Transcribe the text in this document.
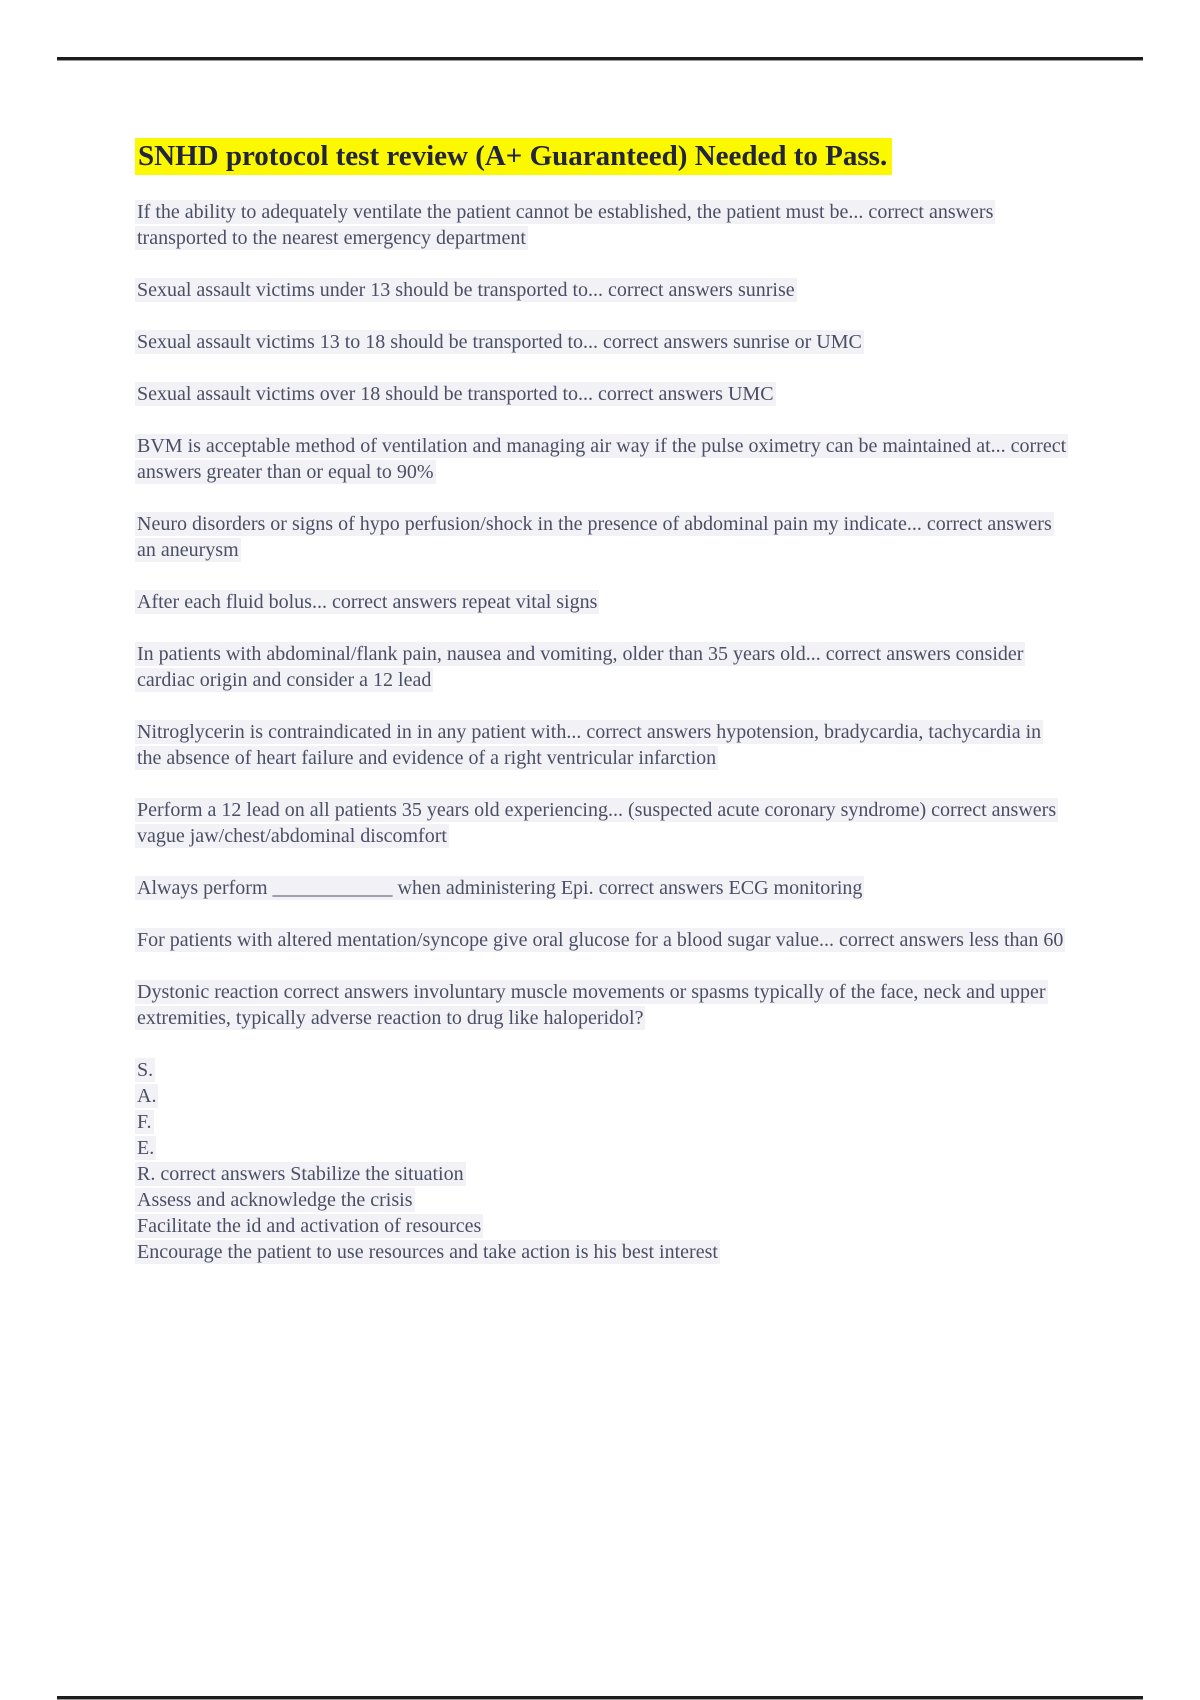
SNHD protocol test review (A+ Guaranteed) Needed to Pass.

If the ability to adequately ventilate the patient cannot be established, the patient must be... correct answers transported to the nearest emergency department

Sexual assault victims under 13 should be transported to... correct answers sunrise

Sexual assault victims 13 to 18 should be transported to... correct answers sunrise or UMC

Sexual assault victims over 18 should be transported to... correct answers UMC

BVM is acceptable method of ventilation and managing air way if the pulse oximetry can be maintained at... correct answers greater than or equal to 90%

Neuro disorders or signs of hypo perfusion/shock in the presence of abdominal pain my indicate... correct answers an aneurysm

After each fluid bolus... correct answers repeat vital signs

In patients with abdominal/flank pain, nausea and vomiting, older than 35 years old... correct answers consider cardiac origin and consider a 12 lead

Nitroglycerin is contraindicated in in any patient with... correct answers hypotension, bradycardia, tachycardia in the absence of heart failure and evidence of a right ventricular infarction

Perform a 12 lead on all patients 35 years old experiencing... (suspected acute coronary syndrome) correct answers vague jaw/chest/abdominal discomfort

Always perform ____________ when administering Epi. correct answers ECG monitoring

For patients with altered mentation/syncope give oral glucose for a blood sugar value... correct answers less than 60

Dystonic reaction correct answers involuntary muscle movements or spasms typically of the face, neck and upper extremities, typically adverse reaction to drug like haloperidol?

S.
A.
F.
E.
R. correct answers Stabilize the situation
Assess and acknowledge the crisis
Facilitate the id and activation of resources
Encourage the patient to use resources and take action is his best interest
